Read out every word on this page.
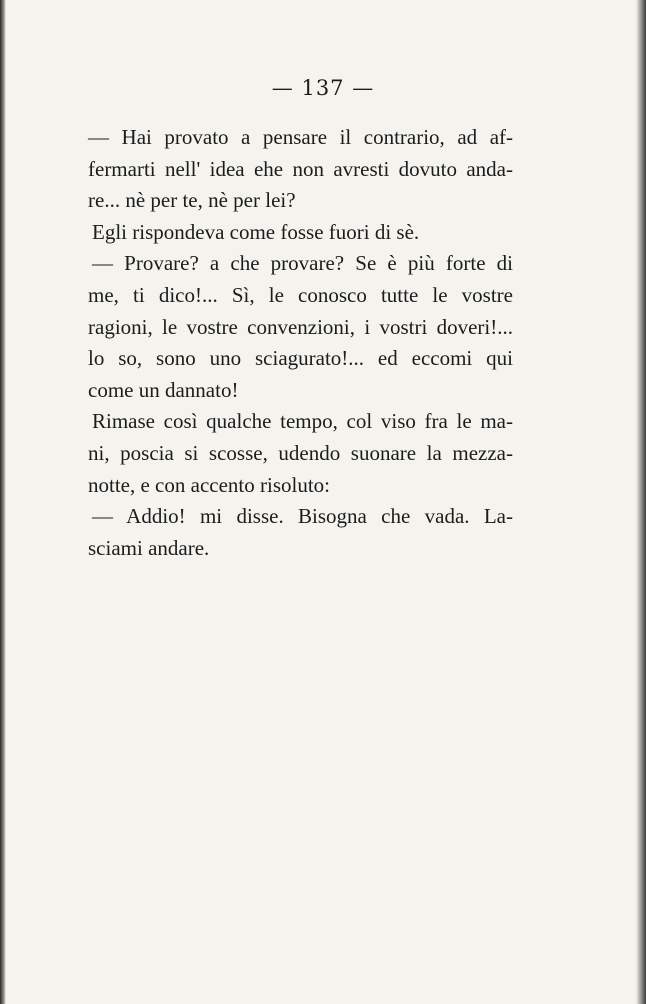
— 137 —
— Hai provato a pensare il contrario, ad af-
fermarti nell' idea ehe non avresti dovuto anda-
re... nè per te, nè per lei?
Egli rispondeva come fosse fuori di sè.
— Provare? a che provare? Se è più forte di
me, ti dico!... Sì, le conosco tutte le vostre
ragioni, le vostre convenzioni, i vostri doveri!...
lo so, sono uno sciagurato!... ed eccomi qui
come un dannato!
Rimase così qualche tempo, col viso fra le ma-
ni, poscia si scosse, udendo suonare la mezza-
notte, e con accento risoluto:
— Addio! mi disse. Bisogna che vada. La-
sciami andare.
